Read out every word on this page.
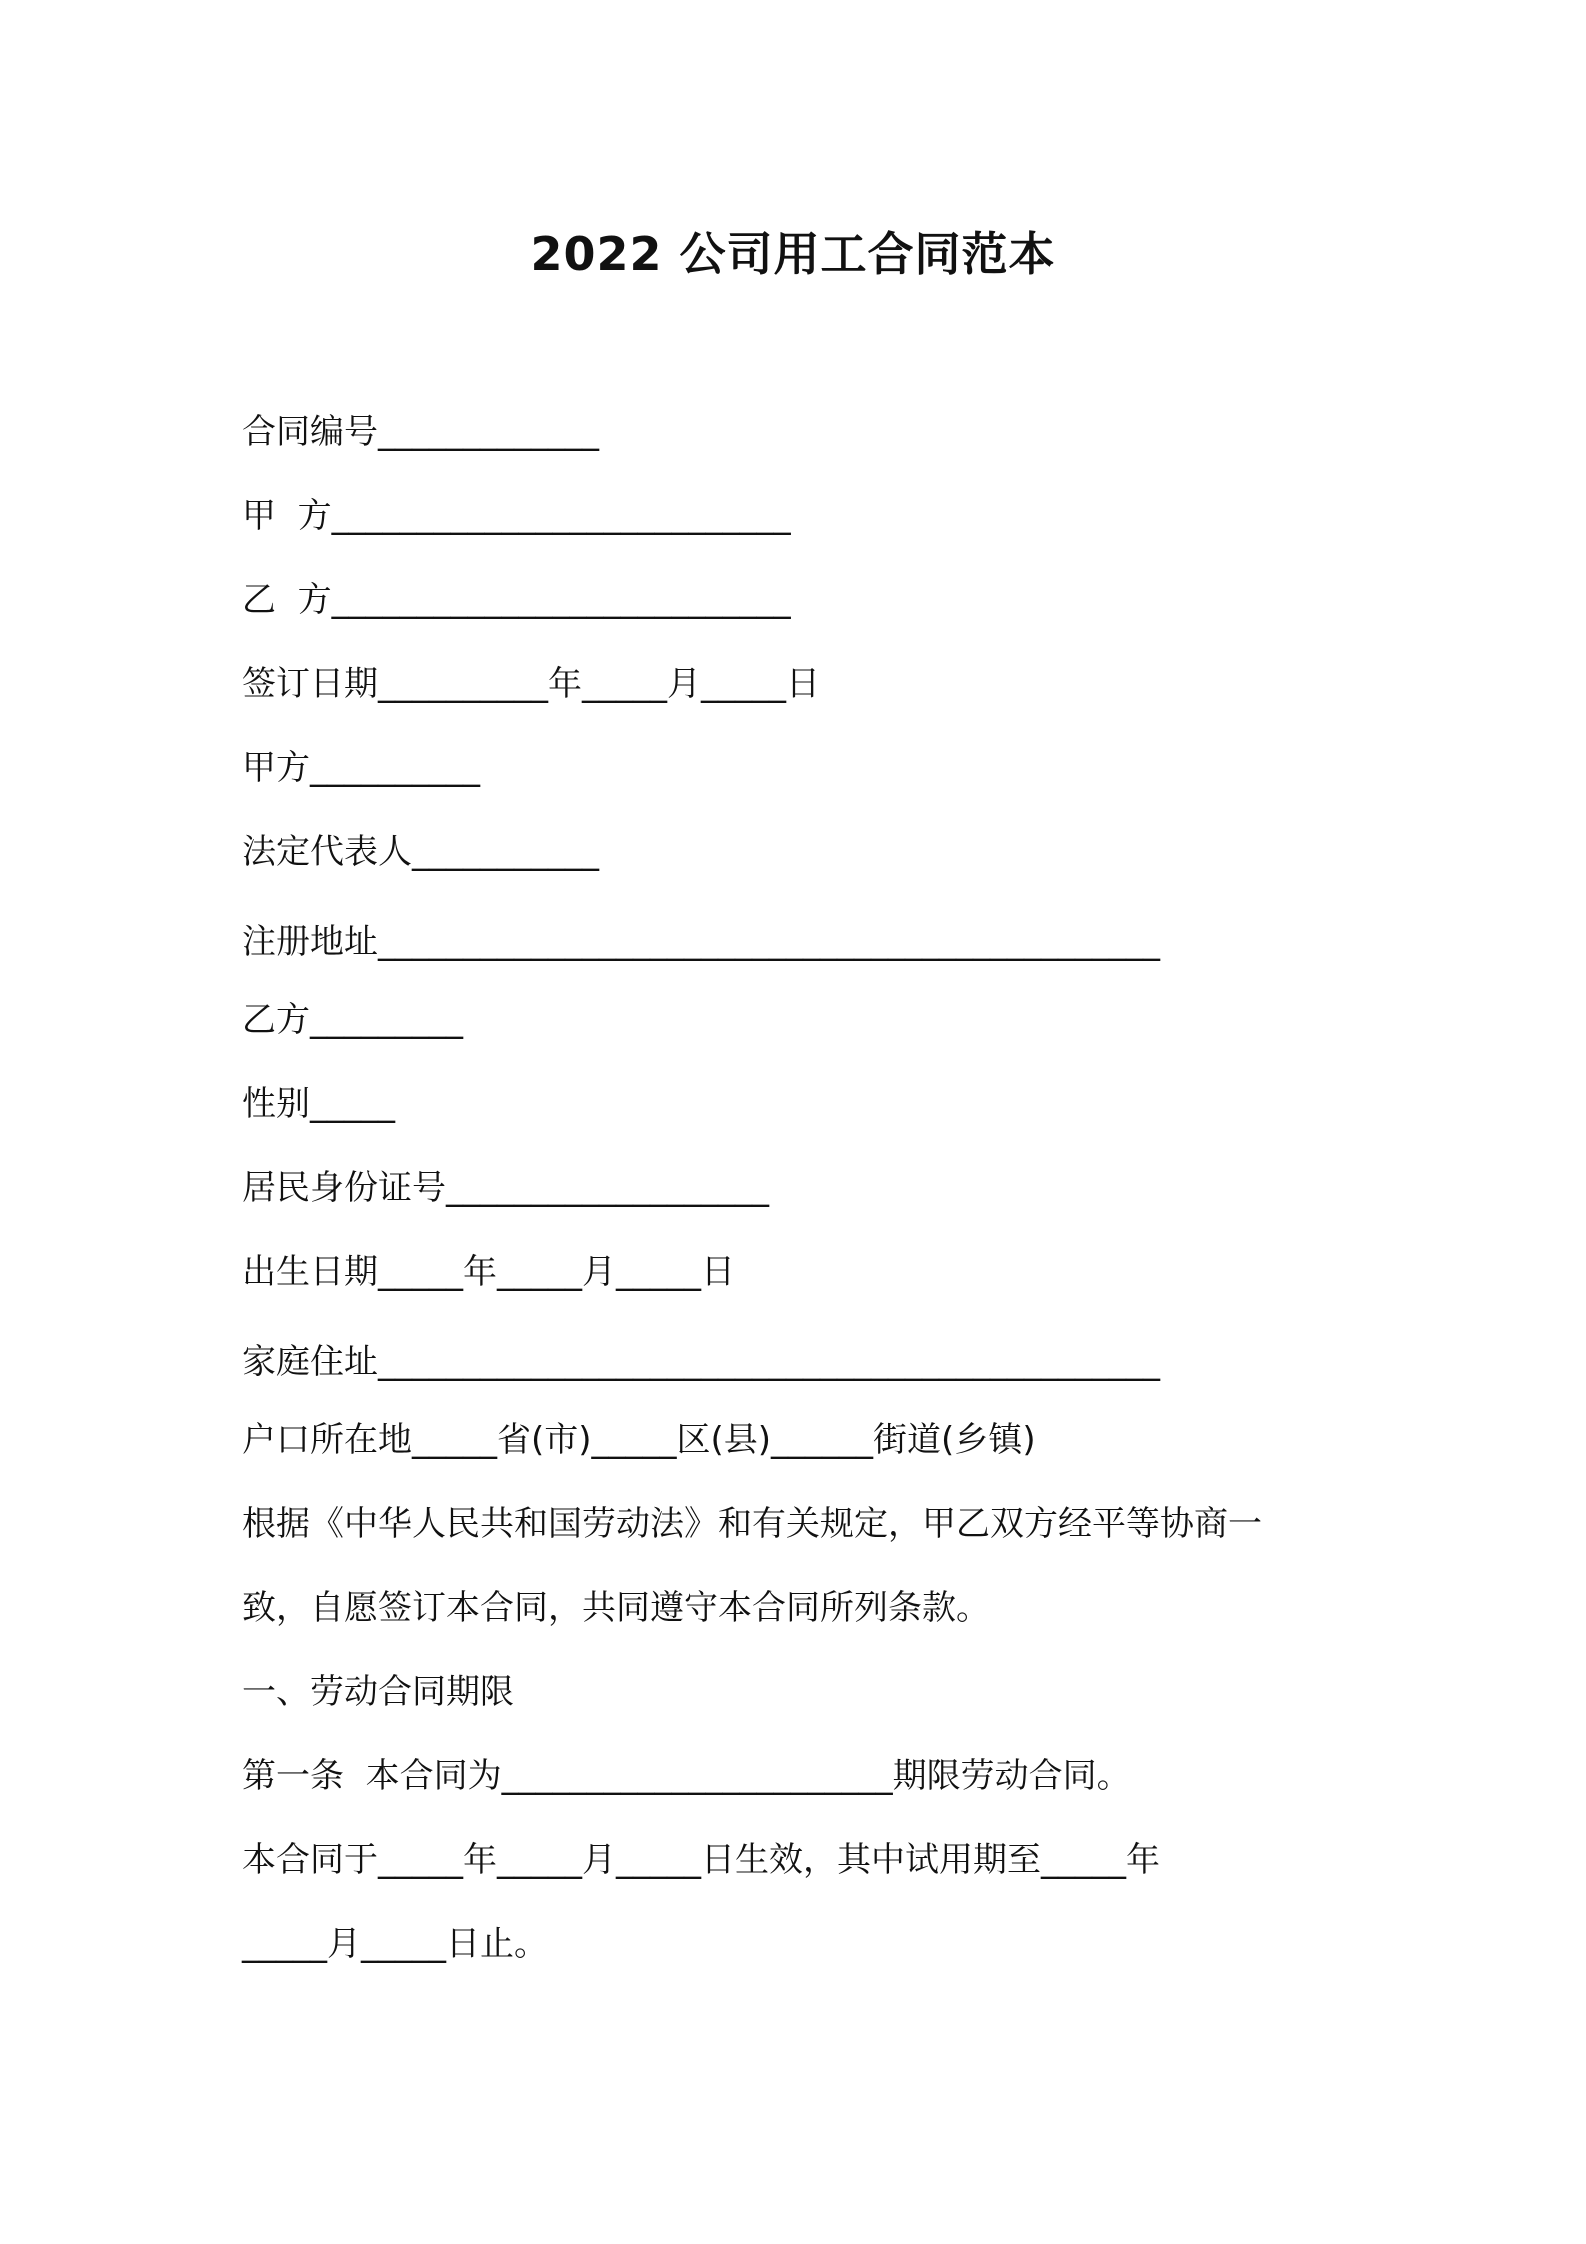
2022 公司用工合同范本
合同编号_____________
甲  方___________________________
乙  方___________________________
签订日期__________年_____月_____日
甲方__________
法定代表人___________
注册地址______________________________________________
乙方_________
性别_____
居民身份证号___________________
出生日期_____年_____月_____日
家庭住址______________________________________________
户口所在地_____省(市)_____区(县)______街道(乡镇)
根据《中华人民共和国劳动法》和有关规定，甲乙双方经平等协商一
致，自愿签订本合同，共同遵守本合同所列条款。
一、劳动合同期限
第一条  本合同为_______________________期限劳动合同。
本合同于_____年_____月_____日生效，其中试用期至_____年
_____月_____日止。
